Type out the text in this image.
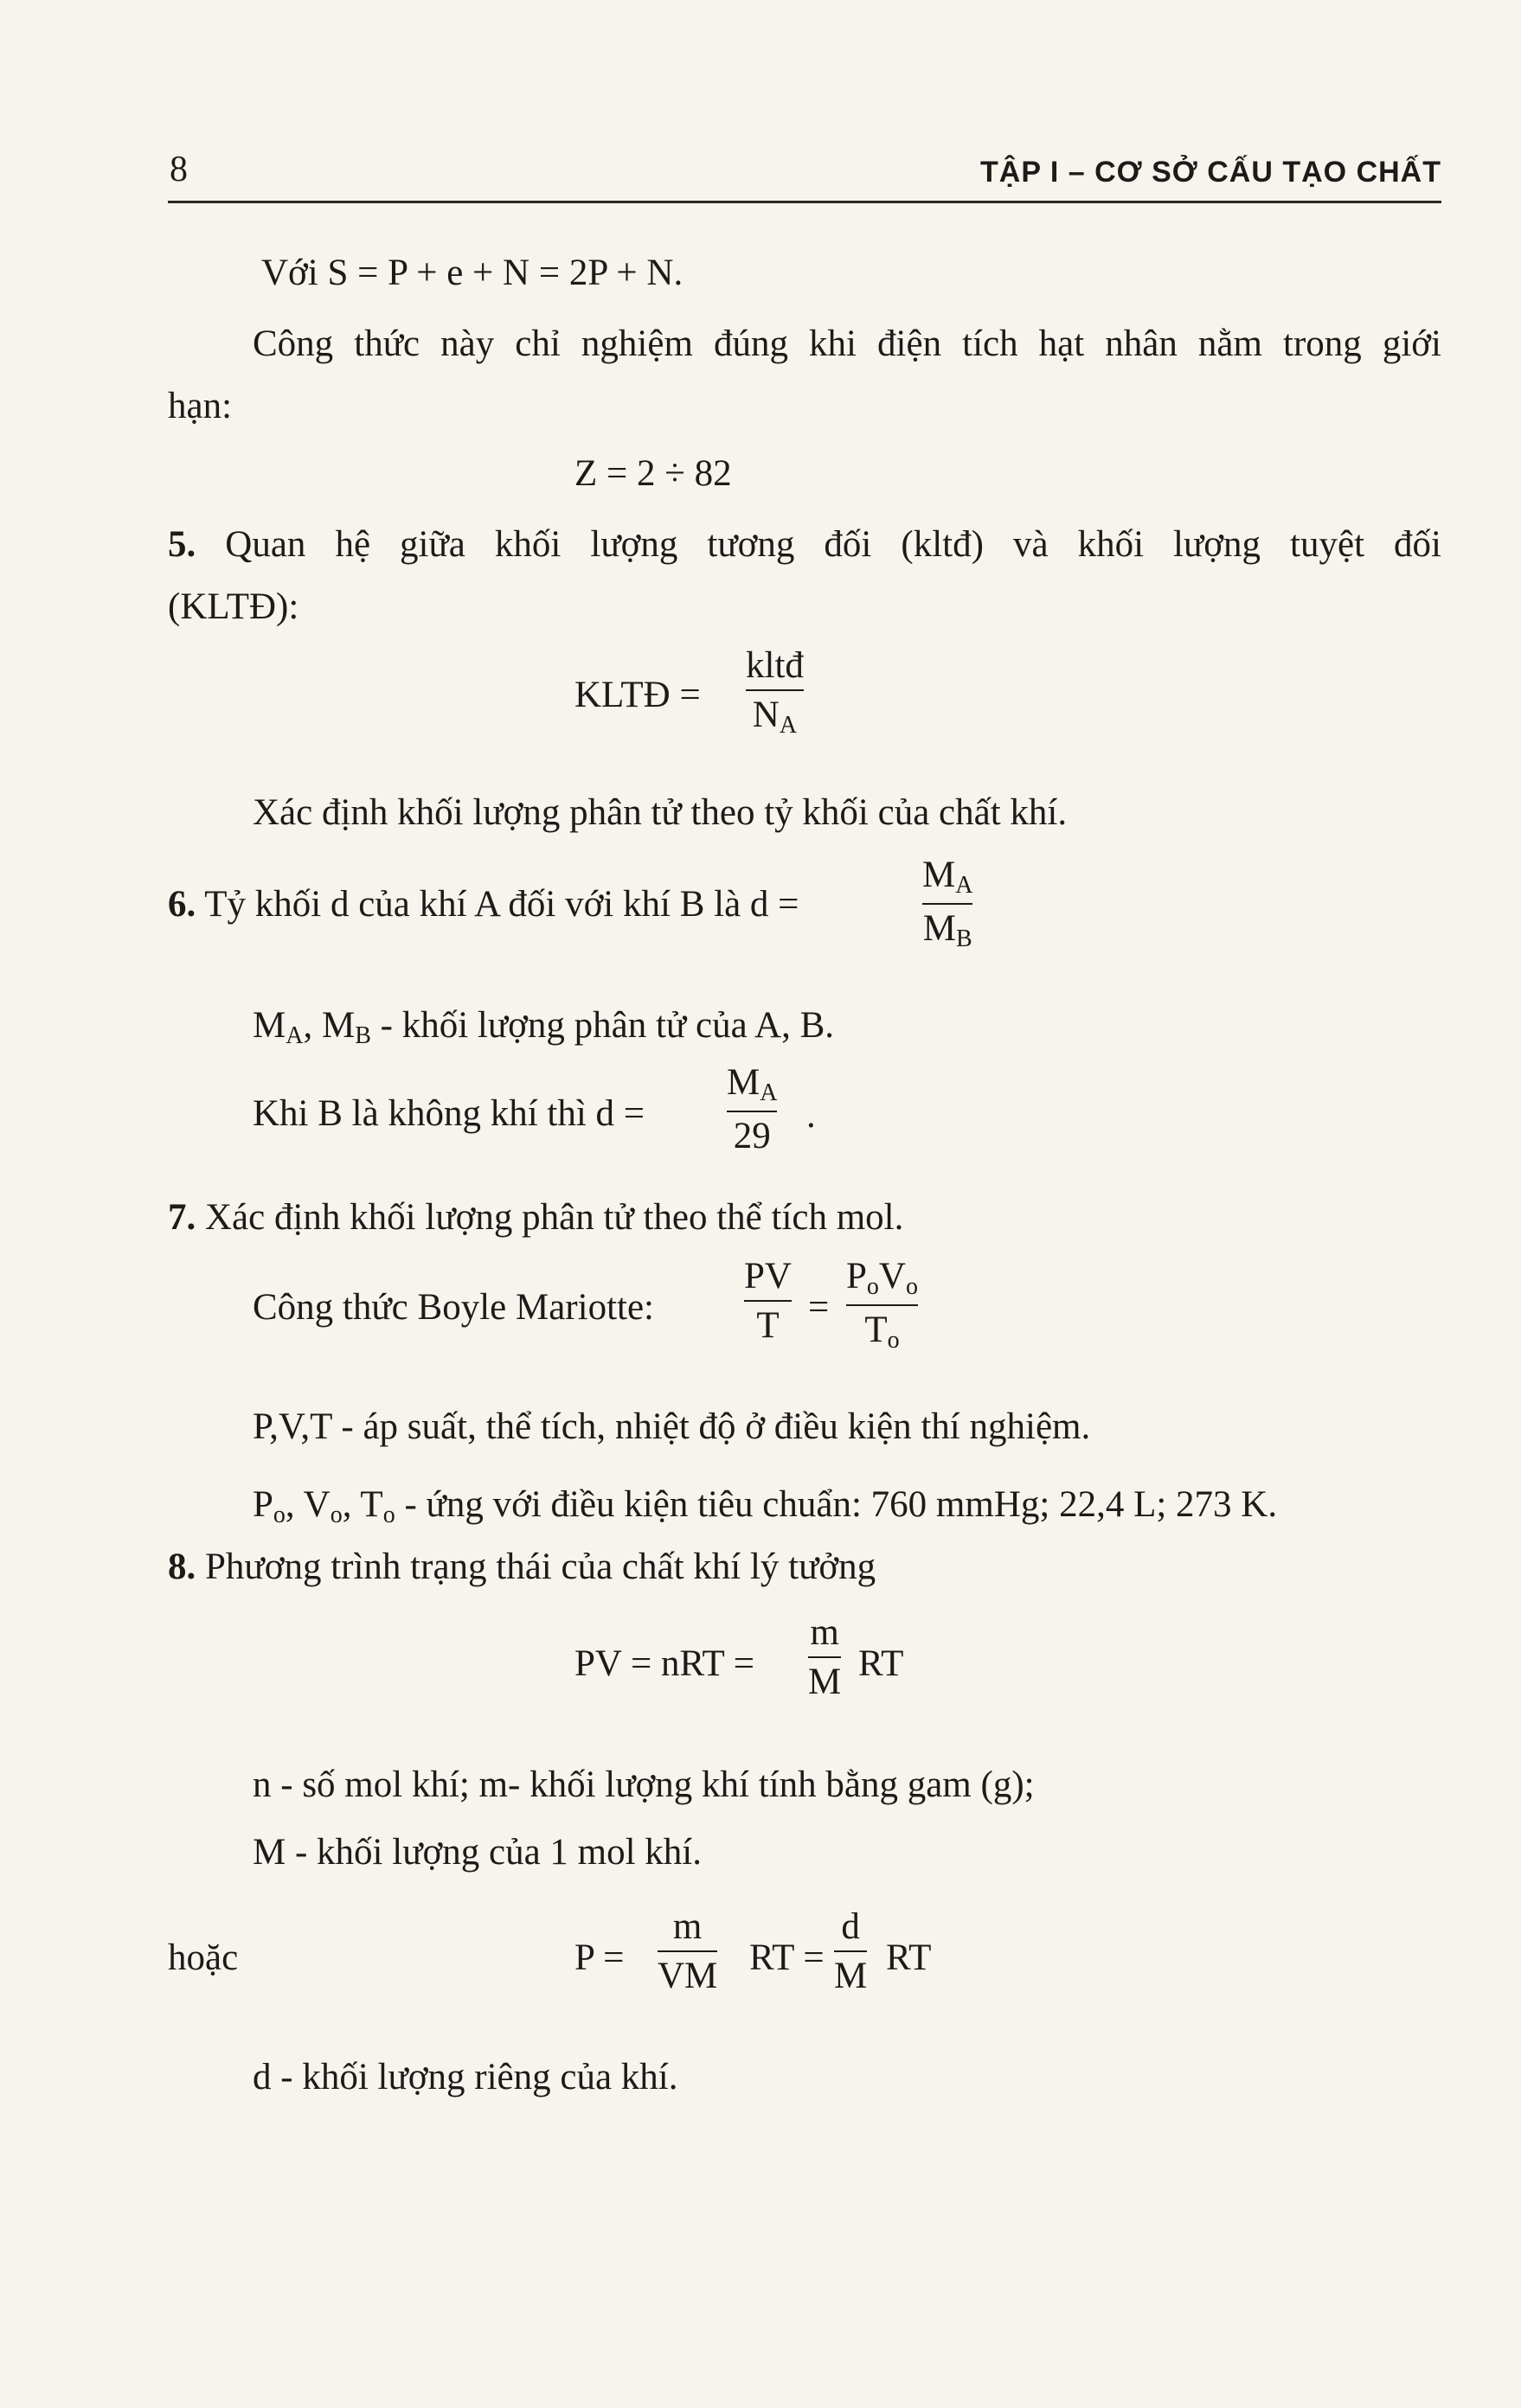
8	TẬP I – CƠ SỞ CẤU TẠO CHẤT
Với S = P + e + N = 2P + N.
Công thức này chỉ nghiệm đúng khi điện tích hạt nhân nằm trong giới
hạn:
Z = 2 ÷ 82
5. Quan hệ giữa khối lượng tương đối (kltđ) và khối lượng tuyệt đối
(KLTĐ):
KLTĐ =
kltđ
$N_A$
Xác định khối lượng phân tử theo tỷ khối của chất khí.
6. Tỷ khối d của khí A đối với khí B là d =
$M_A$
$M_B$
$M_A$, $M_B$ - khối lượng phân tử của A, B.
Khi B là không khí thì d =
$M_A$
29
.
7. Xác định khối lượng phân tử theo thể tích mol.
Công thức Boyle Mariotte:
PV
T =
$P_oV_o$
$T_o$
P,V,T - áp suất, thể tích, nhiệt độ ở điều kiện thí nghiệm.
$P_o$, $V_o$, $T_o$ - ứng với điều kiện tiêu chuẩn: 760 mmHg; 22,4 L; 273 K.
8. Phương trình trạng thái của chất khí lý tưởng
PV = nRT =
m
M RT
n - số mol khí; m- khối lượng khí tính bằng gam (g);
M - khối lượng của 1 mol khí.
hoặc	P =
m
VM RT =
d
M RT
d - khối lượng riêng của khí.
